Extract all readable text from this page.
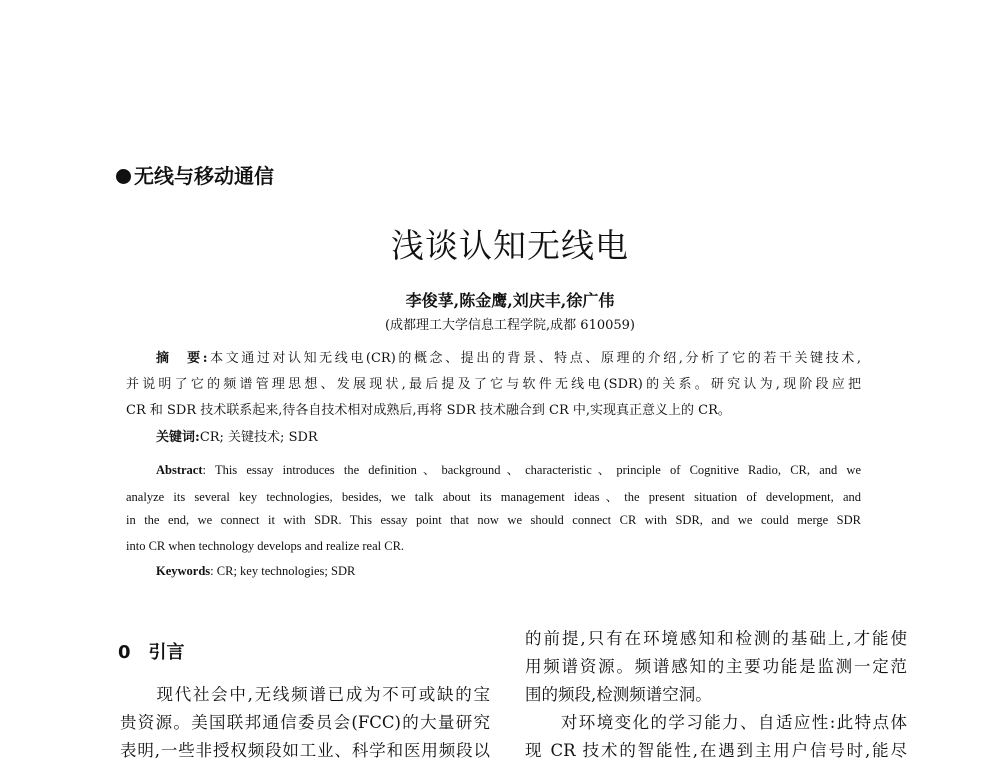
无线与移动通信
浅谈认知无线电
李俊莩,陈金鹰,刘庆丰,徐广伟
(成都理工大学信息工程学院,成都 610059)
摘　要:本文通过对认知无线电(CR)的概念、提出的背景、特点、原理的介绍,分析了它的若干关键技术,
并说明了它的频谱管理思想、发展现状,最后提及了它与软件无线电(SDR)的关系。研究认为,现阶段应把
CR 和 SDR 技术联系起来,待各自技术相对成熟后,再将 SDR 技术融合到 CR 中,实现真正意义上的 CR。
关键词:CR; 关键技术; SDR
Abstract: This essay introduces the definition、background、characteristic、principle of Cognitive Radio, CR, and we
analyze its several key technologies, besides, we talk about its management ideas、the present situation of development, and
in the end, we connect it with SDR. This essay point that now we should connect CR with SDR, and we could merge SDR
into CR when technology develops and realize real CR.
Keywords: CR; key technologies; SDR
0　引言
　　现代社会中,无线频谱已成为不可或缺的宝
贵资源。美国联邦通信委员会(FCC)的大量研究
表明,一些非授权频段如工业、科学和医用频段以
的前提,只有在环境感知和检测的基础上,才能使
用频谱资源。频谱感知的主要功能是监测一定范
围的频段,检测频谱空洞。
　　对环境变化的学习能力、自适应性:此特点体
现 CR 技术的智能性,在遇到主用户信号时,能尽
